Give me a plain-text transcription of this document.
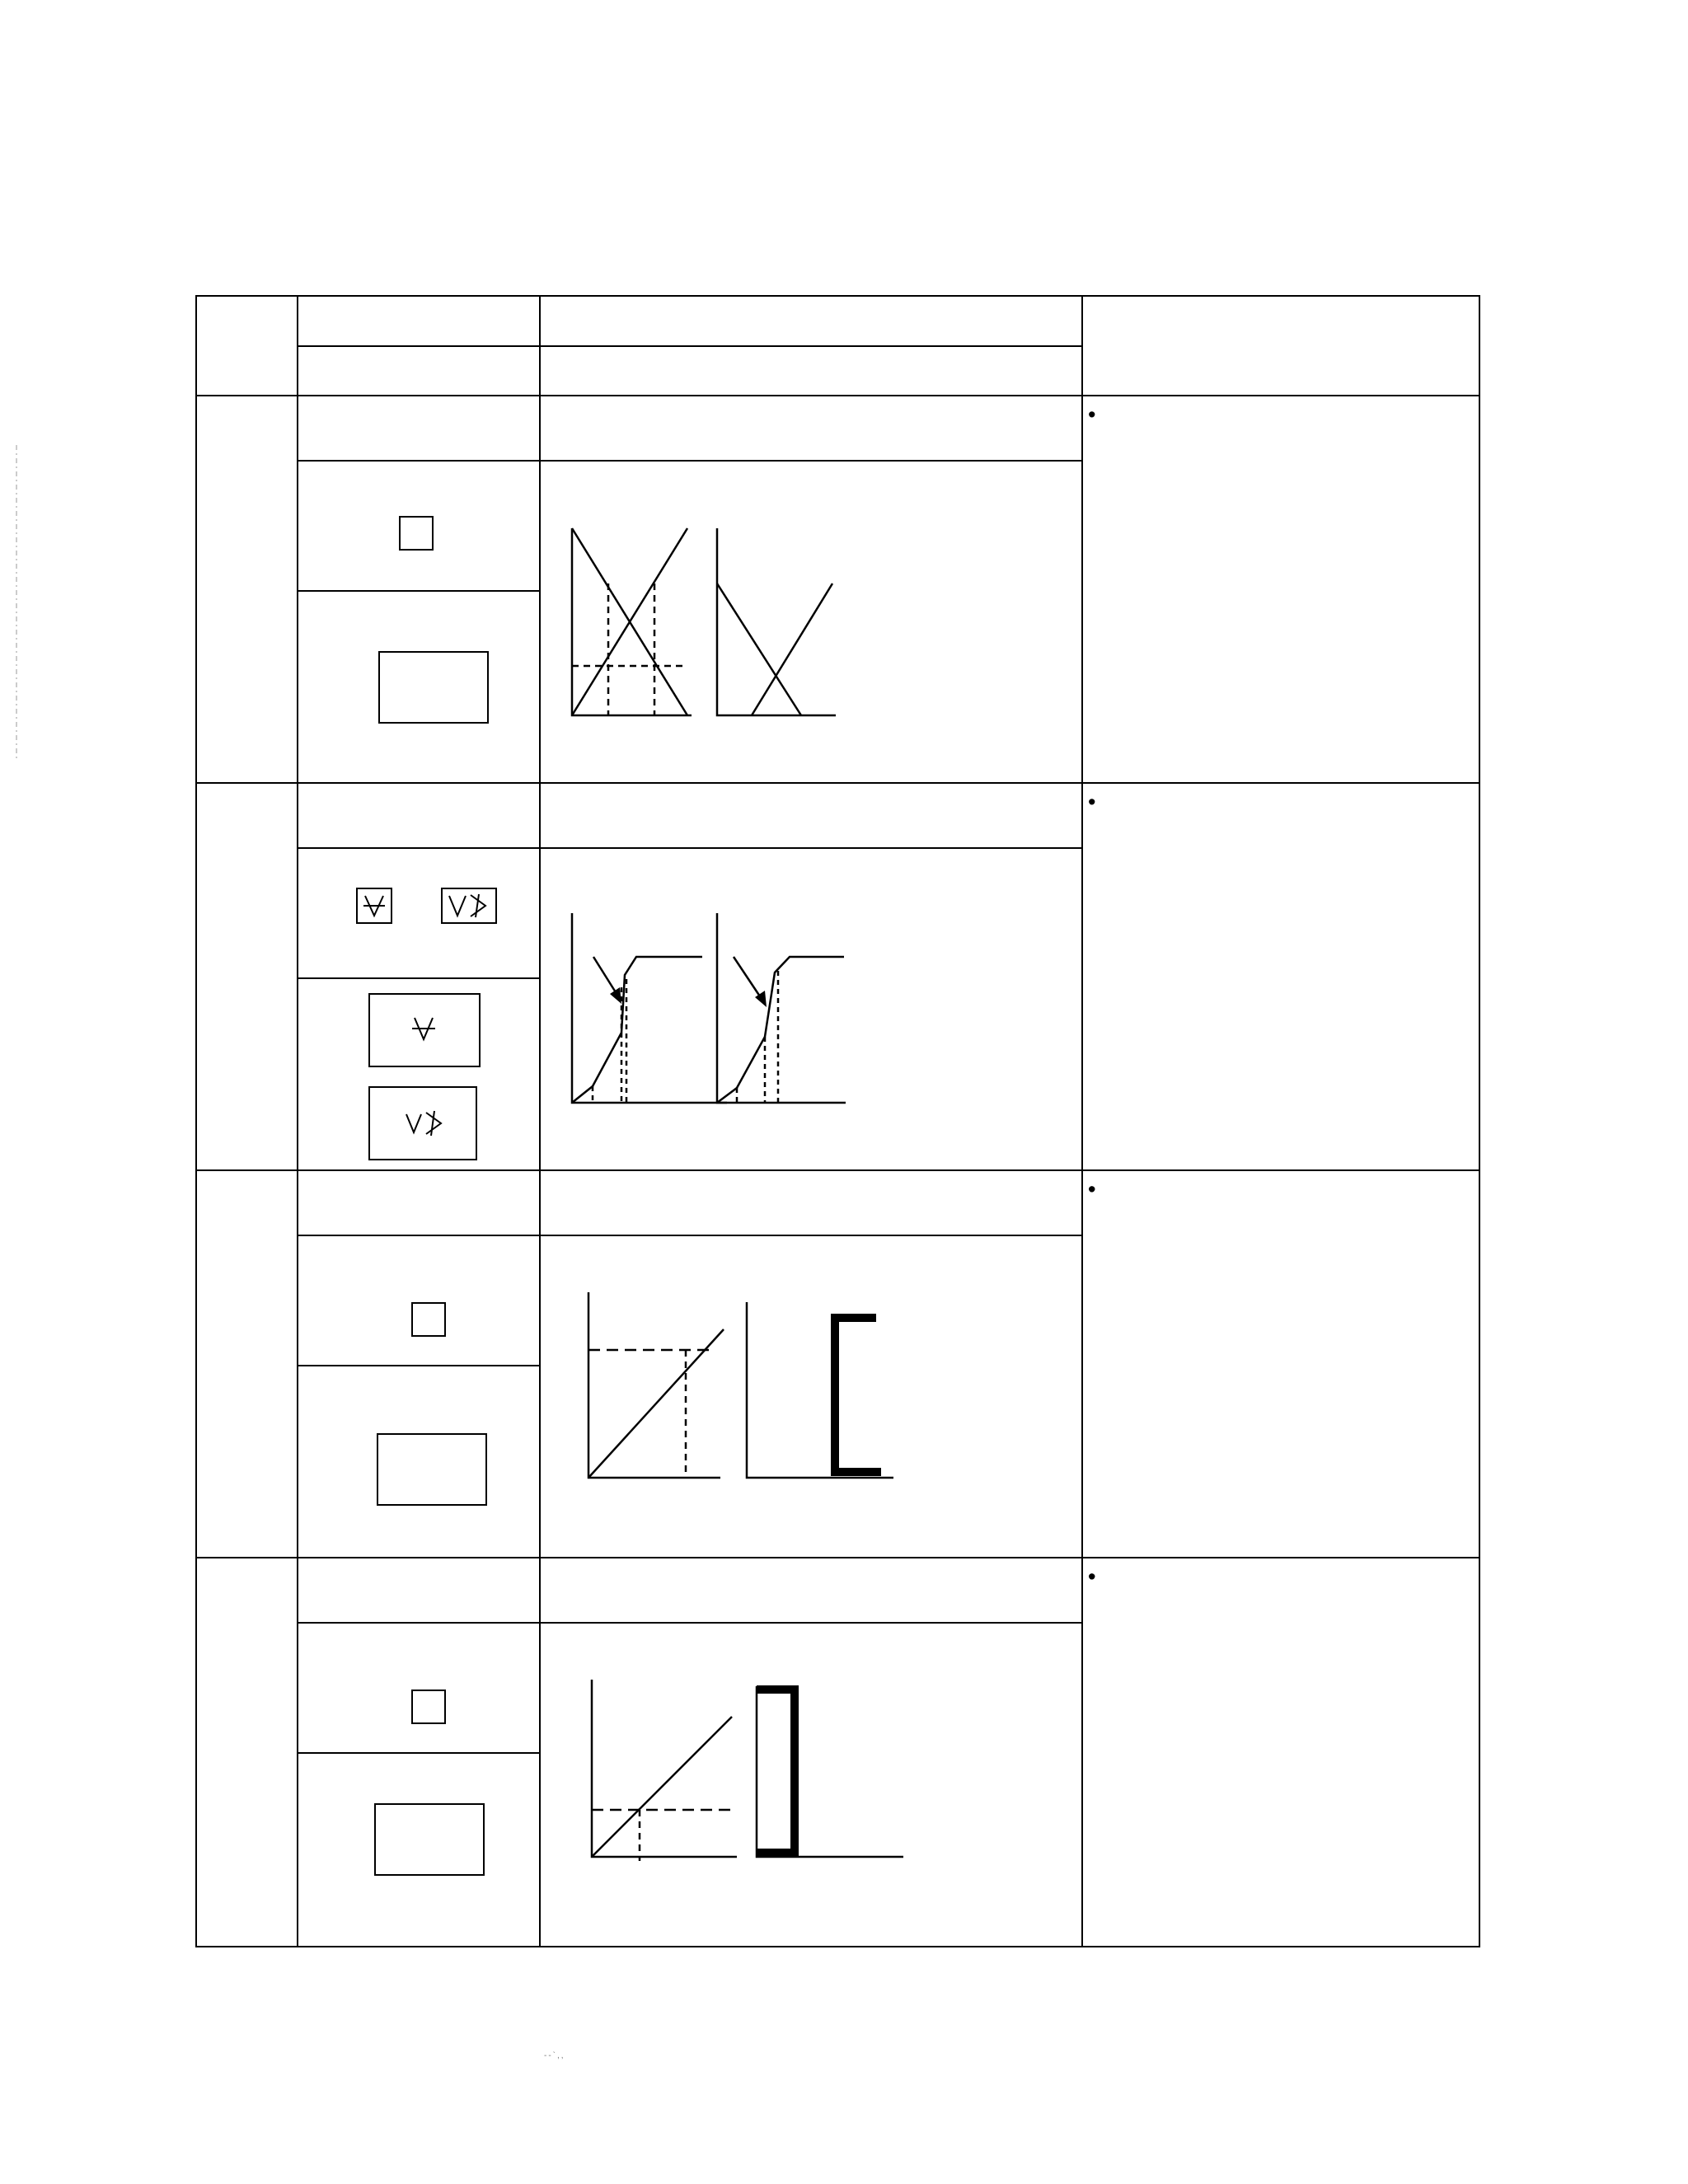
--`,,
